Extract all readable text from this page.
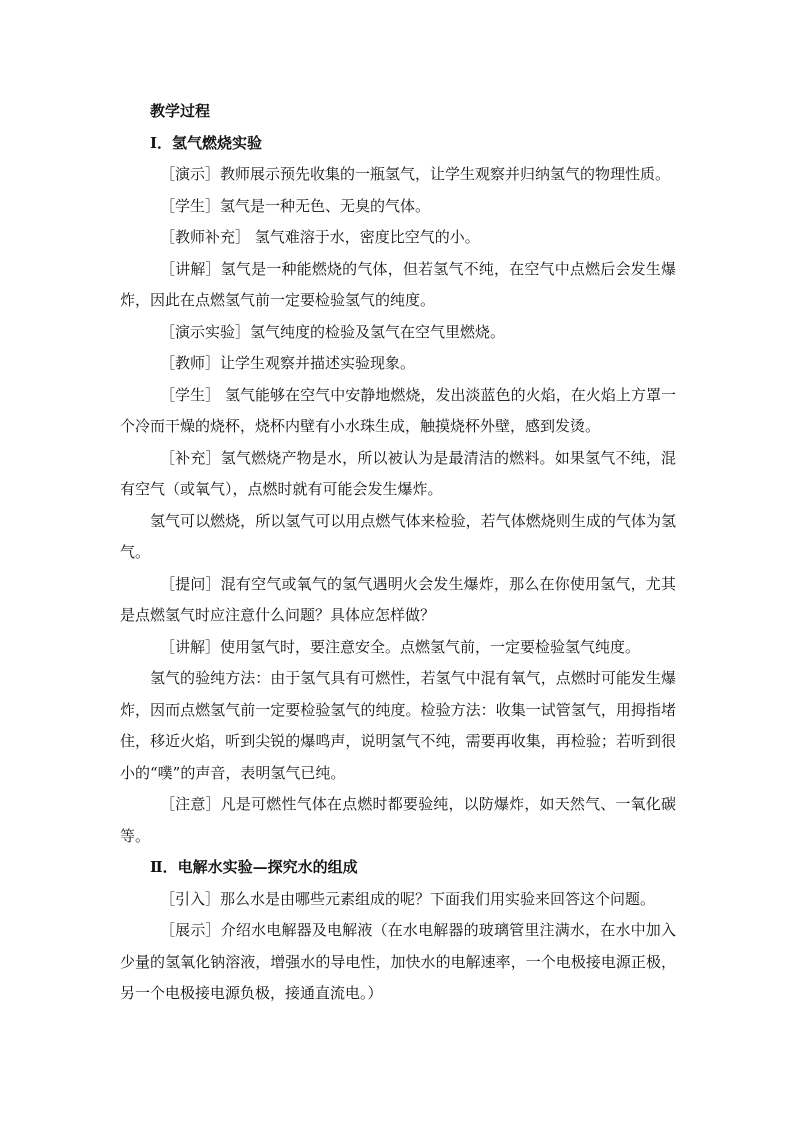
教学过程

Ⅰ．氢气燃烧实验

［演示］教师展示预先收集的一瓶氢气，让学生观察并归纳氢气的物理性质。

［学生］氢气是一种无色、无臭的气体。

［教师补充］ 氢气难溶于水，密度比空气的小。

［讲解］氢气是一种能燃烧的气体，但若氢气不纯，在空气中点燃后会发生爆炸，因此在点燃氢气前一定要检验氢气的纯度。

［演示实验］氢气纯度的检验及氢气在空气里燃烧。

［教师］让学生观察并描述实验现象。

［学生］ 氢气能够在空气中安静地燃烧，发出淡蓝色的火焰，在火焰上方罩一个冷而干燥的烧杯，烧杯内壁有小水珠生成，触摸烧杯外壁，感到发烫。

［补充］氢气燃烧产物是水，所以被认为是最清洁的燃料。如果氢气不纯，混有空气（或氧气），点燃时就有可能会发生爆炸。

氢气可以燃烧，所以氢气可以用点燃气体来检验，若气体燃烧则生成的气体为氢气。

［提问］混有空气或氧气的氢气遇明火会发生爆炸，那么在你使用氢气，尤其是点燃氢气时应注意什么问题？具体应怎样做？

［讲解］使用氢气时，要注意安全。点燃氢气前，一定要检验氢气纯度。

氢气的验纯方法：由于氢气具有可燃性，若氢气中混有氧气，点燃时可能发生爆炸，因而点燃氢气前一定要检验氢气的纯度。检验方法：收集一试管氢气，用拇指堵住，移近火焰，听到尖锐的爆鸣声，说明氢气不纯，需要再收集，再检验；若听到很小的“噗”的声音，表明氢气已纯。

［注意］凡是可燃性气体在点燃时都要验纯，以防爆炸，如天然气、一氧化碳等。

Ⅱ．电解水实验—探究水的组成

［引入］那么水是由哪些元素组成的呢？下面我们用实验来回答这个问题。

［展示］介绍水电解器及电解液（在水电解器的玻璃管里注满水，在水中加入少量的氢氧化钠溶液，增强水的导电性，加快水的电解速率，一个电极接电源正极，另一个电极接电源负极，接通直流电。）
